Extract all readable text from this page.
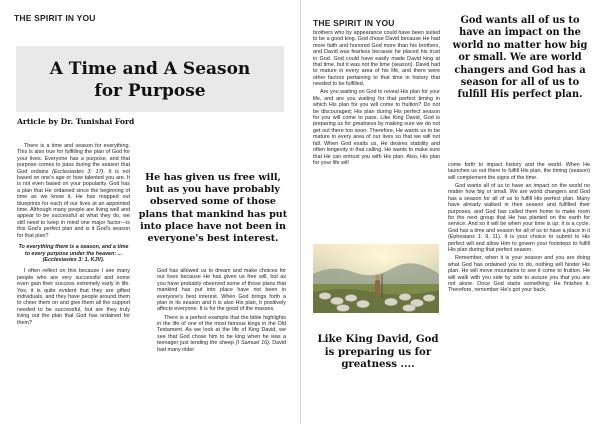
THE SPIRIT IN YOU
A Time and A Season
for Purpose
Article by Dr. Tunishai Ford

There is a time and season for everything. This is also true for fulfilling the plan of God for your lives. Everyone has a purpose, and that purpose comes to pass during the season that God ordains (Ecclesiastes 3: 17). It is not based on one's age or how talented you are. It is not even based on your popularity. God has a plan that He ordained since the beginning of time as we know it. He has mapped out blueprints for each of our lives at an appointed time. Although many people are living well and appear to be successful at what they do, we still need to keep in mind one major factor---is this God's perfect plan and is it God's season for that plan?

To everything there is a season, and a time to every purpose under the heaven: ... (Ecclesiastes 3: 1, KJV).

I often reflect on this because I see many people who are very successful and some even gain their success extremely early in life. Yes, it is quite evident that they are gifted individuals, and they have people around them to cheer them on and give them all the support needed to be successful, but are they truly living out the plan that God has ordained for them?

He has given us free will, but as you have probably observed some of those plans that mankind has put into place have not been in everyone's best interest.

God has allowed us to dream and make choices for our lives because He has given us free will, but as you have probably observed some of those plans that mankind has put into place have not been in everyone's best interest. When God brings forth a plan in its season and it is also His plan, it positively affects everyone. It is for the good of the masses.

There is a perfect example that the bible highlights in the life of one of the most famous kings in the Old Testament. As we look at the life of King David, we see that God chose him to be king when he was a teenager just tending the sheep (I Samuel 16). David had many older

THE SPIRIT IN YOU

brothers who by appearance could have been suited to be a good king. God chose David because He had more faith and honored God more than his brothers, and David was fearless because he placed his trust in God. God could have easily made David king at that time, but it was not the time (season). David had to mature in every area of his life, and there were other factors pertaining to that time in history that needed to be fulfilled.

Are you waiting on God to reveal His plan for your life, and are you waiting for that perfect timing in which His plan for you will come to fruition? Do not be discouraged; His plan during His perfect season for you will come to pass. Like King David, God is preparing us for greatness by making sure we do not get out there too soon. Therefore, He wants us to be mature in every area of our lives so that we will not fall. When God exalts us, He desires stability and often longevity in that calling. He wants to make sure that He can entrust you with His plan. Also, His plan for your life will

God wants all of us to have an impact on the world no matter how big or small. We are world changers and God has a season for all of us to fulfill His perfect plan.

come forth to impact history and the world. When He launches us out there to fulfill His plan, the timing (season) will complement the signs of the time.

God wants all of us to have an impact on the world no matter how big or small. We are world changers and God has a season for all of us to fulfill His perfect plan. Many have already walked in their season and fulfilled their purposes, and God has called them home to make room for the next group that He has planted on the earth for service. And so it will be when your time is up; it is a cycle. God has a time and season for all of us to have a place in it (Ephesians 1: 9, 11). It is your choice to submit to His perfect will and allow Him to govern your footsteps to fulfill His plan during that perfect season.

Remember, when it is your season and you are doing what God has ordained you to do, nothing will hinder His plan. He will move mountains to see it come to fruition. He will walk with you side by side to assure you that you are not alone. Once God starts something, He finishes it. Therefore, remember He's got your back.

Like King David, God is preparing us for greatness ....
